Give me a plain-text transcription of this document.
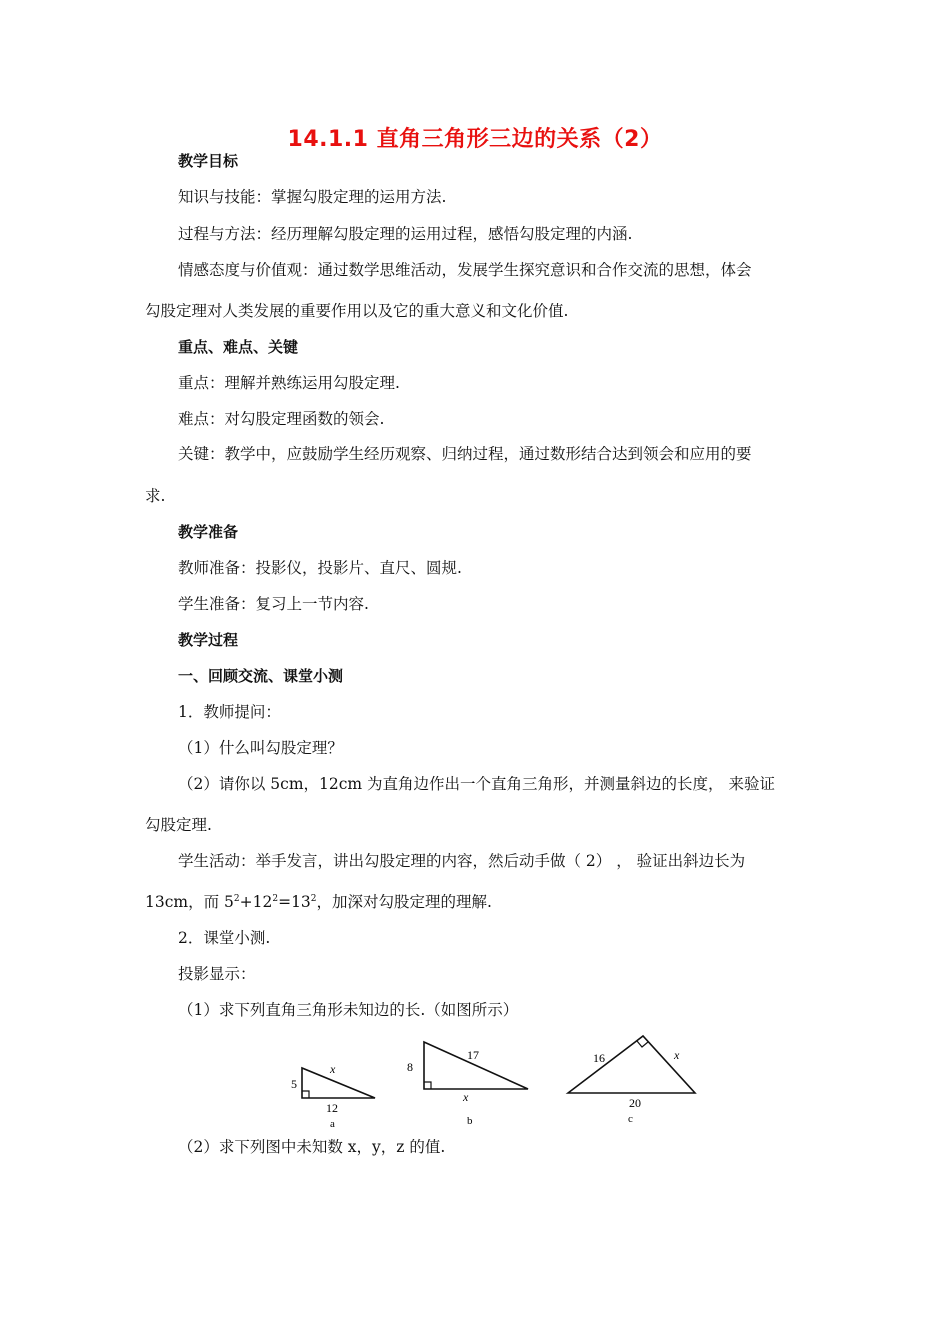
14.1.1 直角三角形三边的关系（2）
教学目标
知识与技能：掌握勾股定理的运用方法.
过程与方法：经历理解勾股定理的运用过程，感悟勾股定理的内涵.
情感态度与价值观：通过数学思维活动，发展学生探究意识和合作交流的思想，体会
勾股定理对人类发展的重要作用以及它的重大意义和文化价值.
重点、难点、关键
重点：理解并熟练运用勾股定理.
难点：对勾股定理函数的领会.
关键：教学中，应鼓励学生经历观察、归纳过程，通过数形结合达到领会和应用的要
求.
教学准备
教师准备：投影仪，投影片、直尺、圆规.
学生准备：复习上一节内容.
教学过程
一、回顾交流、课堂小测
1．教师提问：
（1）什么叫勾股定理？
（2）请你以 5cm，12cm 为直角边作出一个直角三角形，并测量斜边的长度， 来验证
勾股定理.
学生活动：举手发言，讲出勾股定理的内容，然后动手做（ 2） ， 验证出斜边长为
13cm，而 $5^2+12^2=13^2$，加深对勾股定理的理解.
2．课堂小测.
投影显示：
（1）求下列直角三角形未知边的长.（如图所示）
5
x
12
a
8
17
x
b
16	x
20
c
（2）求下列图中未知数 x，y，z 的值.
